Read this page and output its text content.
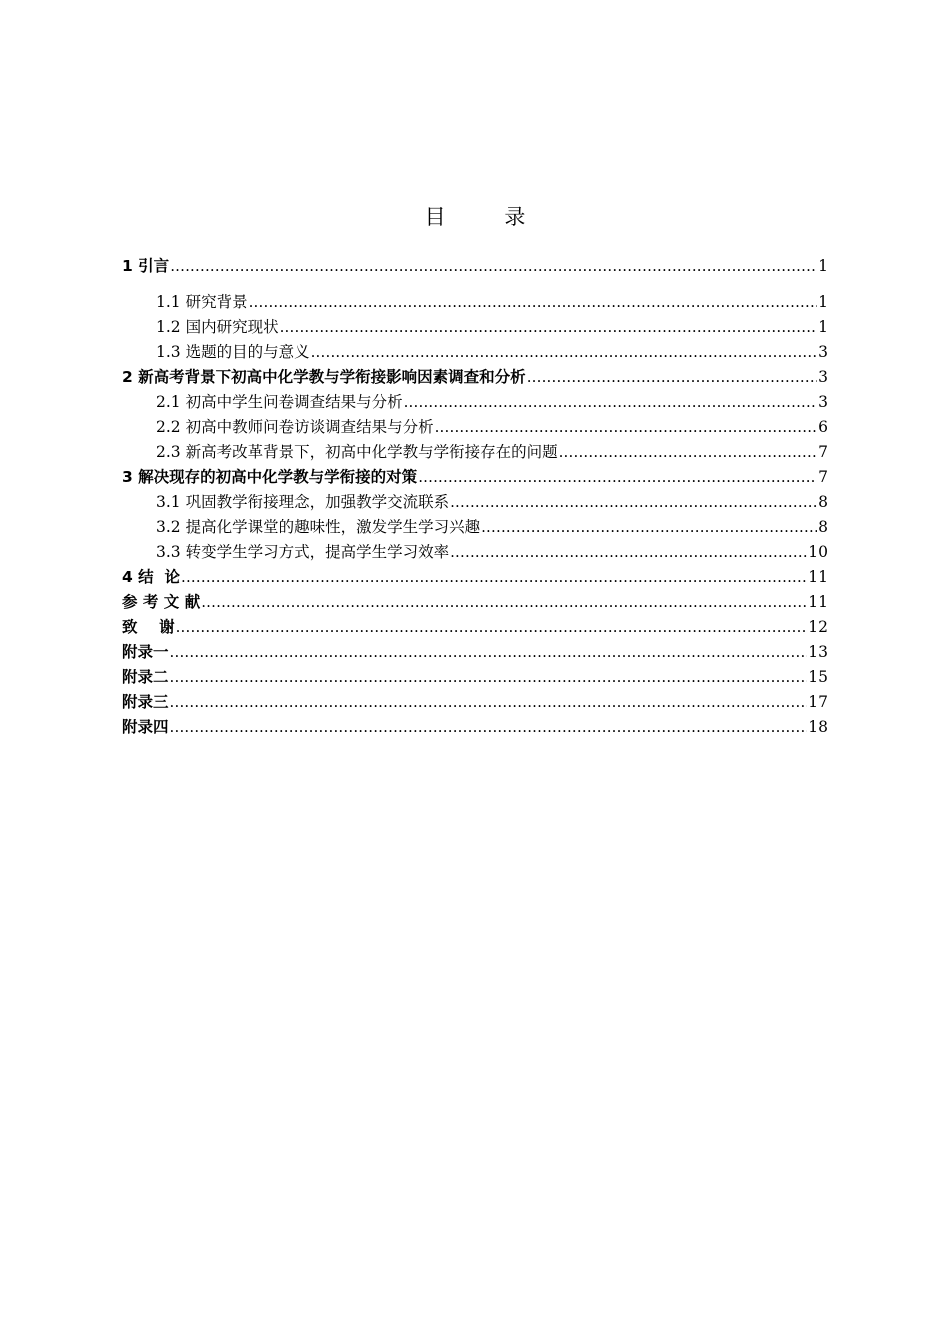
目 录
1 引言 .....	1
1.1 研究背景 .....	1
1.2 国内研究现状 .....	1
1.3 选题的目的与意义 .....	3
2 新高考背景下初高中化学教与学衔接影响因素调查和分析 .....	3
2.1 初高中学生问卷调查结果与分析 .....	3
2.2 初高中教师问卷访谈调查结果与分析 .....	6
2.3 新高考改革背景下，初高中化学教与学衔接存在的问题 .....	7
3 解决现存的初高中化学教与学衔接的对策 .....	7
3.1 巩固教学衔接理念，加强教学交流联系 .....	8
3.2 提高化学课堂的趣味性，激发学生学习兴趣 .....	8
3.3 转变学生学习方式，提高学生学习效率 .....	10
4 结  论 .....	11
参 考 文 献 .....	11
致    谢 .....	12
附录一 .....	13
附录二 .....	15
附录三 .....	17
附录四 .....	18
